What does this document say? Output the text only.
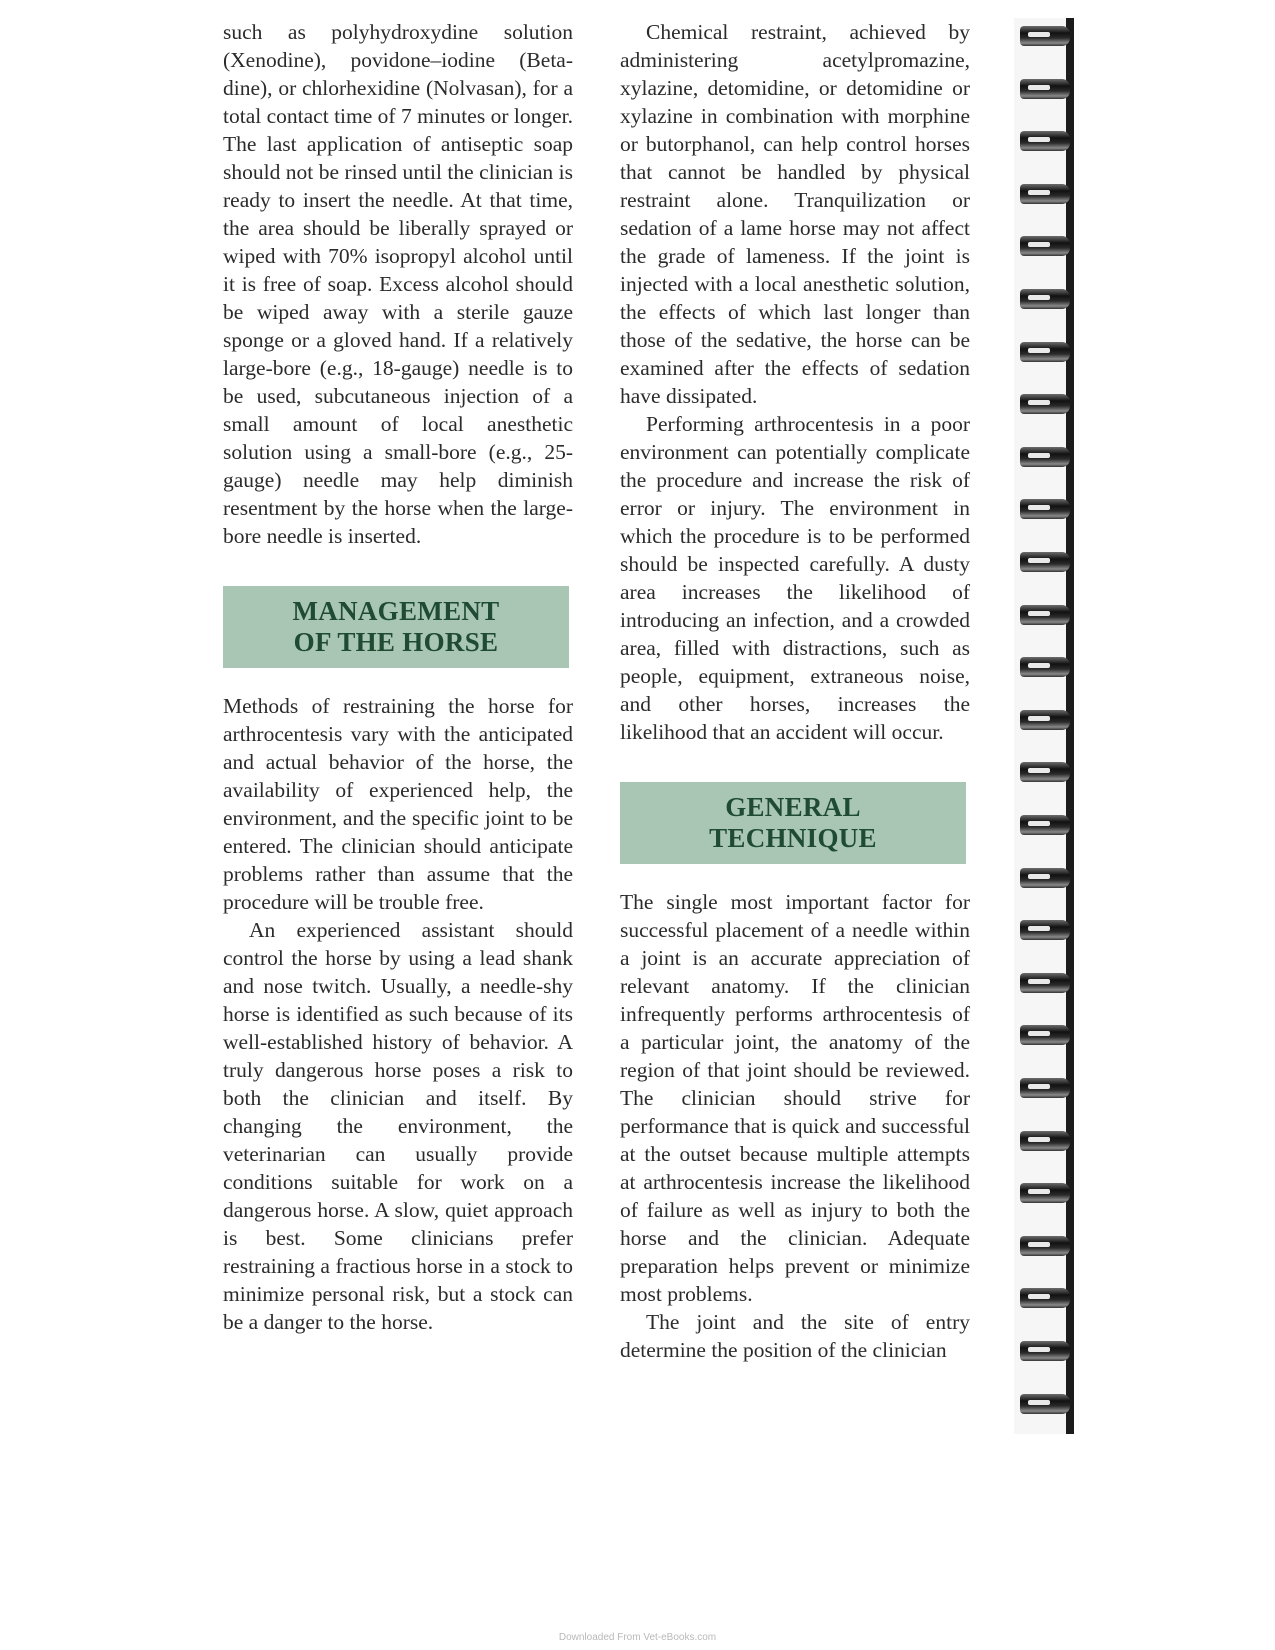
such as polyhydroxydine solution (Xenodine), povidone–iodine (Beta-dine), or chlorhexidine (Nolvasan), for a total contact time of 7 minutes or longer. The last application of antiseptic soap should not be rinsed until the clinician is ready to insert the needle. At that time, the area should be liberally sprayed or wiped with 70% isopropyl alcohol until it is free of soap. Excess alcohol should be wiped away with a sterile gauze sponge or a gloved hand. If a relatively large-bore (e.g., 18-gauge) needle is to be used, subcutaneous injection of a small amount of local anesthetic solution using a small-bore (e.g., 25-gauge) needle may help diminish resentment by the horse when the large-bore needle is inserted.

MANAGEMENT
OF THE HORSE

Methods of restraining the horse for arthrocentesis vary with the anticipated and actual behavior of the horse, the availability of experienced help, the environment, and the specific joint to be entered. The clinician should anticipate problems rather than assume that the procedure will be trouble free.

An experienced assistant should control the horse by using a lead shank and nose twitch. Usually, a needle-shy horse is identified as such because of its well-established history of behavior. A truly dangerous horse poses a risk to both the clinician and itself. By changing the environment, the veterinarian can usually provide conditions suitable for work on a dangerous horse. A slow, quiet approach is best. Some clinicians prefer restraining a fractious horse in a stock to minimize personal risk, but a stock can be a danger to the horse.

Chemical restraint, achieved by administering acetylpromazine, xylazine, detomidine, or detomidine or xylazine in combination with morphine or butorphanol, can help control horses that cannot be handled by physical restraint alone. Tranquilization or sedation of a lame horse may not affect the grade of lameness. If the joint is injected with a local anesthetic solution, the effects of which last longer than those of the sedative, the horse can be examined after the effects of sedation have dissipated.

Performing arthrocentesis in a poor environment can potentially complicate the procedure and increase the risk of error or injury. The environment in which the procedure is to be performed should be inspected carefully. A dusty area increases the likelihood of introducing an infection, and a crowded area, filled with distractions, such as people, equipment, extraneous noise, and other horses, increases the likelihood that an accident will occur.

GENERAL
TECHNIQUE

The single most important factor for successful placement of a needle within a joint is an accurate appreciation of relevant anatomy. If the clinician infrequently performs arthrocentesis of a particular joint, the anatomy of the region of that joint should be reviewed. The clinician should strive for performance that is quick and successful at the outset because multiple attempts at arthrocentesis increase the likelihood of failure as well as injury to both the horse and the clinician. Adequate preparation helps prevent or minimize most problems.

The joint and the site of entry determine the position of the clinician

Downloaded From Vet-eBooks.com
